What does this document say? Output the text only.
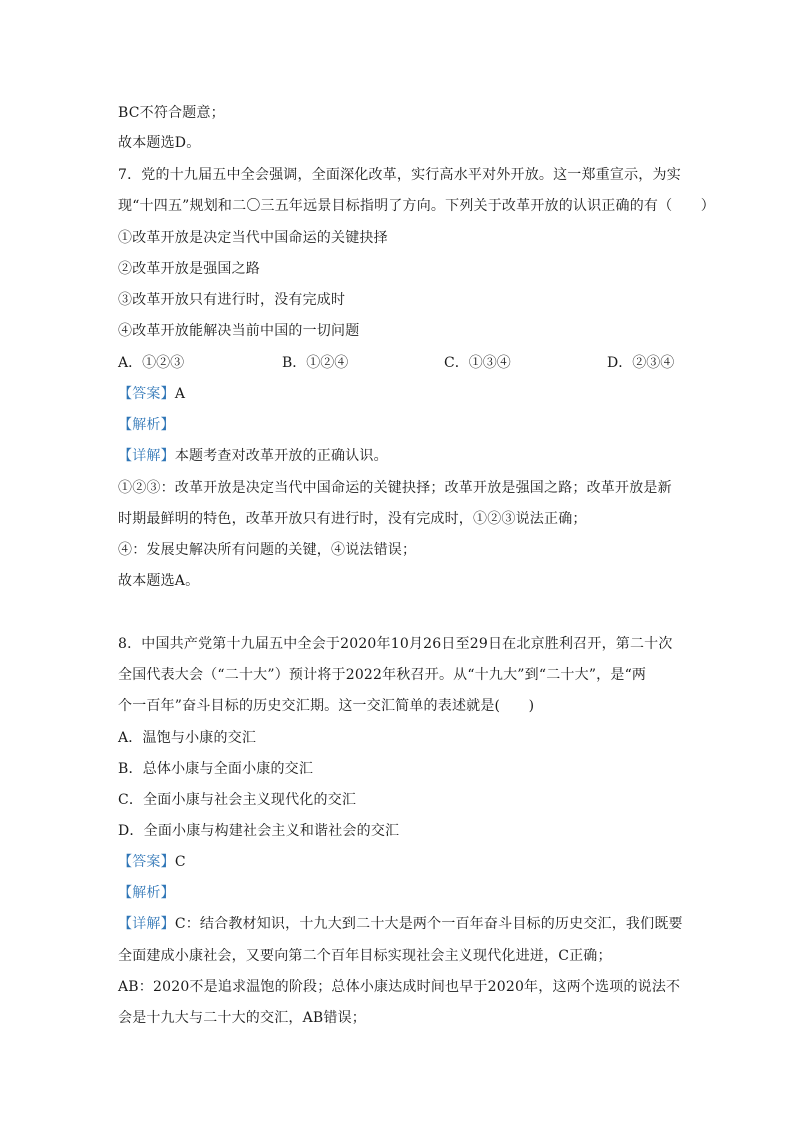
BC不符合题意；
故本题选D。
7．党的十九届五中全会强调，全面深化改革，实行高水平对外开放。这一郑重宣示，为实
现“十四五”规划和二〇三五年远景目标指明了方向。下列关于改革开放的认识正确的有（　　）
①改革开放是决定当代中国命运的关键抉择
②改革开放是强国之路
③改革开放只有进行时，没有完成时
④改革开放能解决当前中国的一切问题
A．①②③	B．①②④	C．①③④	D．②③④
【答案】A
【解析】
【详解】本题考查对改革开放的正确认识。
①②③：改革开放是决定当代中国命运的关键抉择；改革开放是强国之路；改革开放是新
时期最鲜明的特色，改革开放只有进行时，没有完成时，①②③说法正确；
④：发展史解决所有问题的关键，④说法错误；
故本题选A。
8．中国共产党第十九届五中全会于2020年10月26日至29日在北京胜利召开，第二十次
全国代表大会（“二十大”）预计将于2022年秋召开。从“十九大”到“二十大”，是“两
个一百年”奋斗目标的历史交汇期。这一交汇简单的表述就是(　　)
A．温饱与小康的交汇
B．总体小康与全面小康的交汇
C．全面小康与社会主义现代化的交汇
D．全面小康与构建社会主义和谐社会的交汇
【答案】C
【解析】
【详解】C：结合教材知识，十九大到二十大是两个一百年奋斗目标的历史交汇，我们既要
全面建成小康社会，又要向第二个百年目标实现社会主义现代化进迸，C正确；
AB：2020不是追求温饱的阶段；总体小康达成时间也早于2020年，这两个选项的说法不
会是十九大与二十大的交汇，AB错误；
